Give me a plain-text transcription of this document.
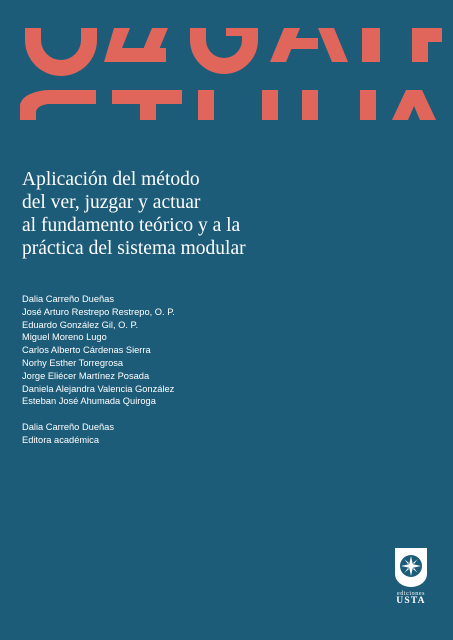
Aplicación del método
del ver, juzgar y actuar
al fundamento teórico y a la
práctica del sistema modular
Dalia Carreño Dueñas
José Arturo Restrepo Restrepo, O. P.
Eduardo González Gil, O. P.
Miguel Moreno Lugo
Carlos Alberto Cárdenas Sierra
Norhy Esther Torregrosa
Jorge Eliécer Martínez Posada
Daniela Alejandra Valencia González
Esteban José Ahumada Quiroga
Dalia Carreño Dueñas
Editora académica
ediciones
USTA
